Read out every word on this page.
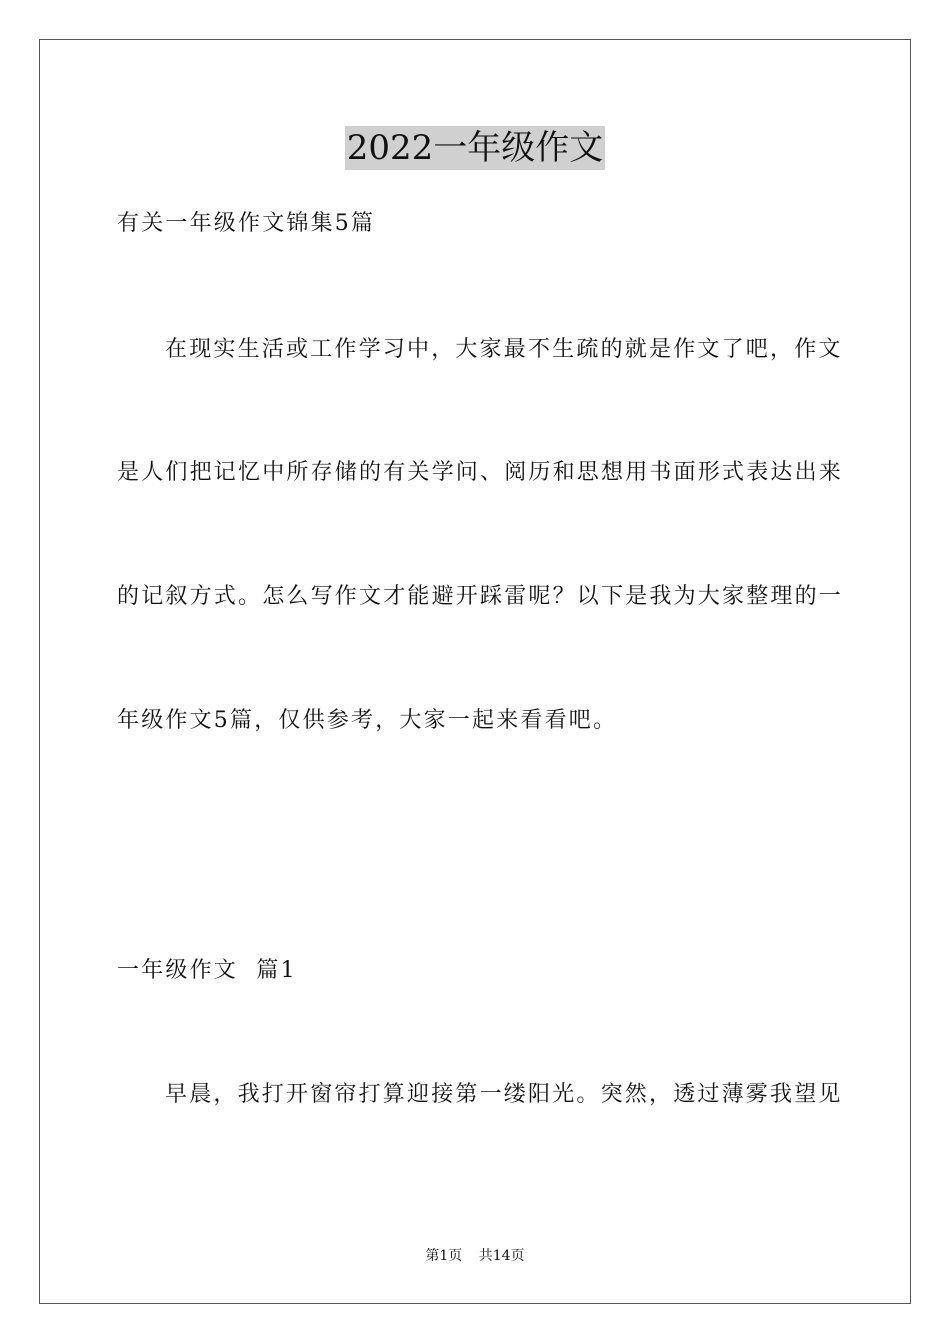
2022一年级作文
有关一年级作文锦集5篇
在现实生活或工作学习中，大家最不生疏的就是作文了吧，作文
是人们把记忆中所存储的有关学问、阅历和思想用书面形式表达出来
的记叙方式。怎么写作文才能避开踩雷呢？以下是我为大家整理的一
年级作文5篇，仅供参考，大家一起来看看吧。
一年级作文  篇1
早晨，我打开窗帘打算迎接第一缕阳光。突然，透过薄雾我望见
第1页 共14页
